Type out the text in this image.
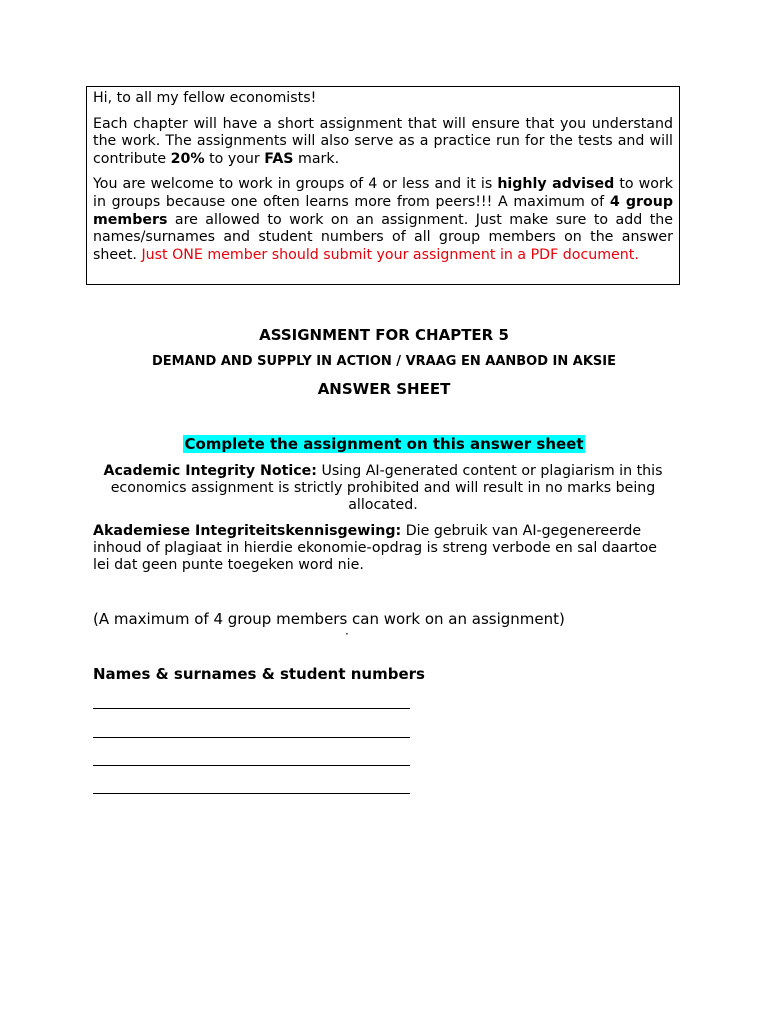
Hi, to all my fellow economists!

Each chapter will have a short assignment that will ensure that you understand the work. The assignments will also serve as a practice run for the tests and will contribute 20% to your FAS mark.

You are welcome to work in groups of 4 or less and it is highly advised to work in groups because one often learns more from peers!!! A maximum of 4 group members are allowed to work on an assignment. Just make sure to add the names/surnames and student numbers of all group members on the answer sheet. Just ONE member should submit your assignment in a PDF document.

ASSIGNMENT FOR CHAPTER 5
DEMAND AND SUPPLY IN ACTION / VRAAG EN AANBOD IN AKSIE
ANSWER SHEET
Complete the assignment on this answer sheet
Academic Integrity Notice: Using AI-generated content or plagiarism in this economics assignment is strictly prohibited and will result in no marks being allocated.
Akademiese Integriteitskennisgewing: Die gebruik van AI-gegenereerde inhoud of plagiaat in hierdie ekonomie-opdrag is streng verbode en sal daartoe lei dat geen punte toegeken word nie.
(A maximum of 4 group members can work on an assignment)
·
Names & surnames & student numbers
